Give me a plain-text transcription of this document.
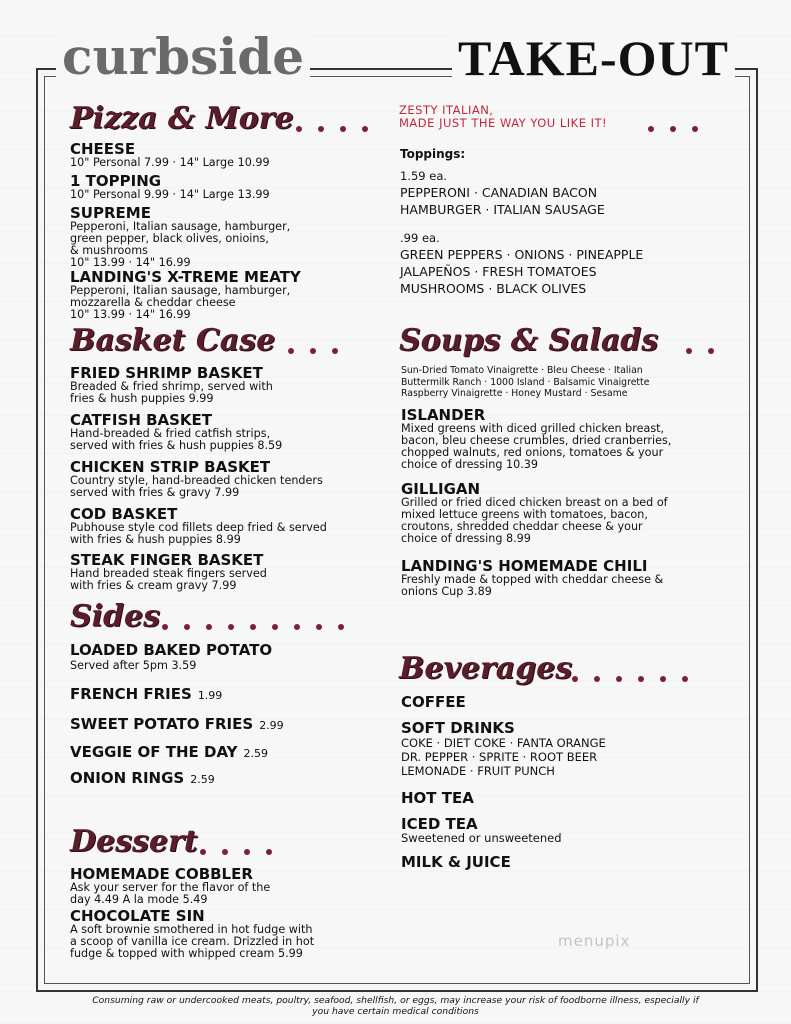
curbside	TAKE-OUT
Pizza & More	ZESTY ITALIAN,
MADE JUST THE WAY YOU LIKE IT!
CHEESE
10" Personal 7.99 · 14" Large 10.99
1 TOPPING
10" Personal 9.99 · 14" Large 13.99
SUPREME
Pepperoni, Italian sausage, hamburger,
green pepper, black olives, onioins,
& mushrooms
10" 13.99 · 14" 16.99
LANDING'S X-TREME MEATY
Pepperoni, Italian sausage, hamburger,
mozzarella & cheddar cheese
10" 13.99 · 14" 16.99
Toppings:
1.59 ea.
PEPPERONI · CANADIAN BACON
HAMBURGER · ITALIAN SAUSAGE
.99 ea.
GREEN PEPPERS · ONIONS · PINEAPPLE
JALAPEÑOS · FRESH TOMATOES
MUSHROOMS · BLACK OLIVES
Basket Case
FRIED SHRIMP BASKET
Breaded & fried shrimp, served with
fries & hush puppies 9.99
CATFISH BASKET
Hand-breaded & fried catfish strips,
served with fries & hush puppies 8.59
CHICKEN STRIP BASKET
Country style, hand-breaded chicken tenders
served with fries & gravy 7.99
COD BASKET
Pubhouse style cod fillets deep fried & served
with fries & hush puppies 8.99
STEAK FINGER BASKET
Hand breaded steak fingers served
with fries & cream gravy 7.99
Soups & Salads
Sun-Dried Tomato Vinaigrette · Bleu Cheese · Italian
Buttermilk Ranch · 1000 Island · Balsamic Vinaigrette
Raspberry Vinaigrette · Honey Mustard · Sesame
ISLANDER
Mixed greens with diced grilled chicken breast,
bacon, bleu cheese crumbles, dried cranberries,
chopped walnuts, red onions, tomatoes & your
choice of dressing 10.39
GILLIGAN
Grilled or fried diced chicken breast on a bed of
mixed lettuce greens with tomatoes, bacon,
croutons, shredded cheddar cheese & your
choice of dressing 8.99
LANDING'S HOMEMADE CHILI
Freshly made & topped with cheddar cheese &
onions Cup 3.89
Sides
LOADED BAKED POTATO
Served after 5pm 3.59
FRENCH FRIES 1.99
SWEET POTATO FRIES 2.99
VEGGIE OF THE DAY 2.59
ONION RINGS 2.59
Beverages
COFFEE
SOFT DRINKS
COKE · DIET COKE · FANTA ORANGE
DR. PEPPER · SPRITE · ROOT BEER
LEMONADE · FRUIT PUNCH
HOT TEA
ICED TEA
Sweetened or unsweetened
MILK & JUICE
Dessert
HOMEMADE COBBLER
Ask your server for the flavor of the
day 4.49 A la mode 5.49
CHOCOLATE SIN
A soft brownie smothered in hot fudge with
a scoop of vanilla ice cream. Drizzled in hot
fudge & topped with whipped cream 5.99
menupix
Consuming raw or undercooked meats, poultry, seafood, shellfish, or eggs, may increase your risk of foodborne illness, especially if
you have certain medical conditions
